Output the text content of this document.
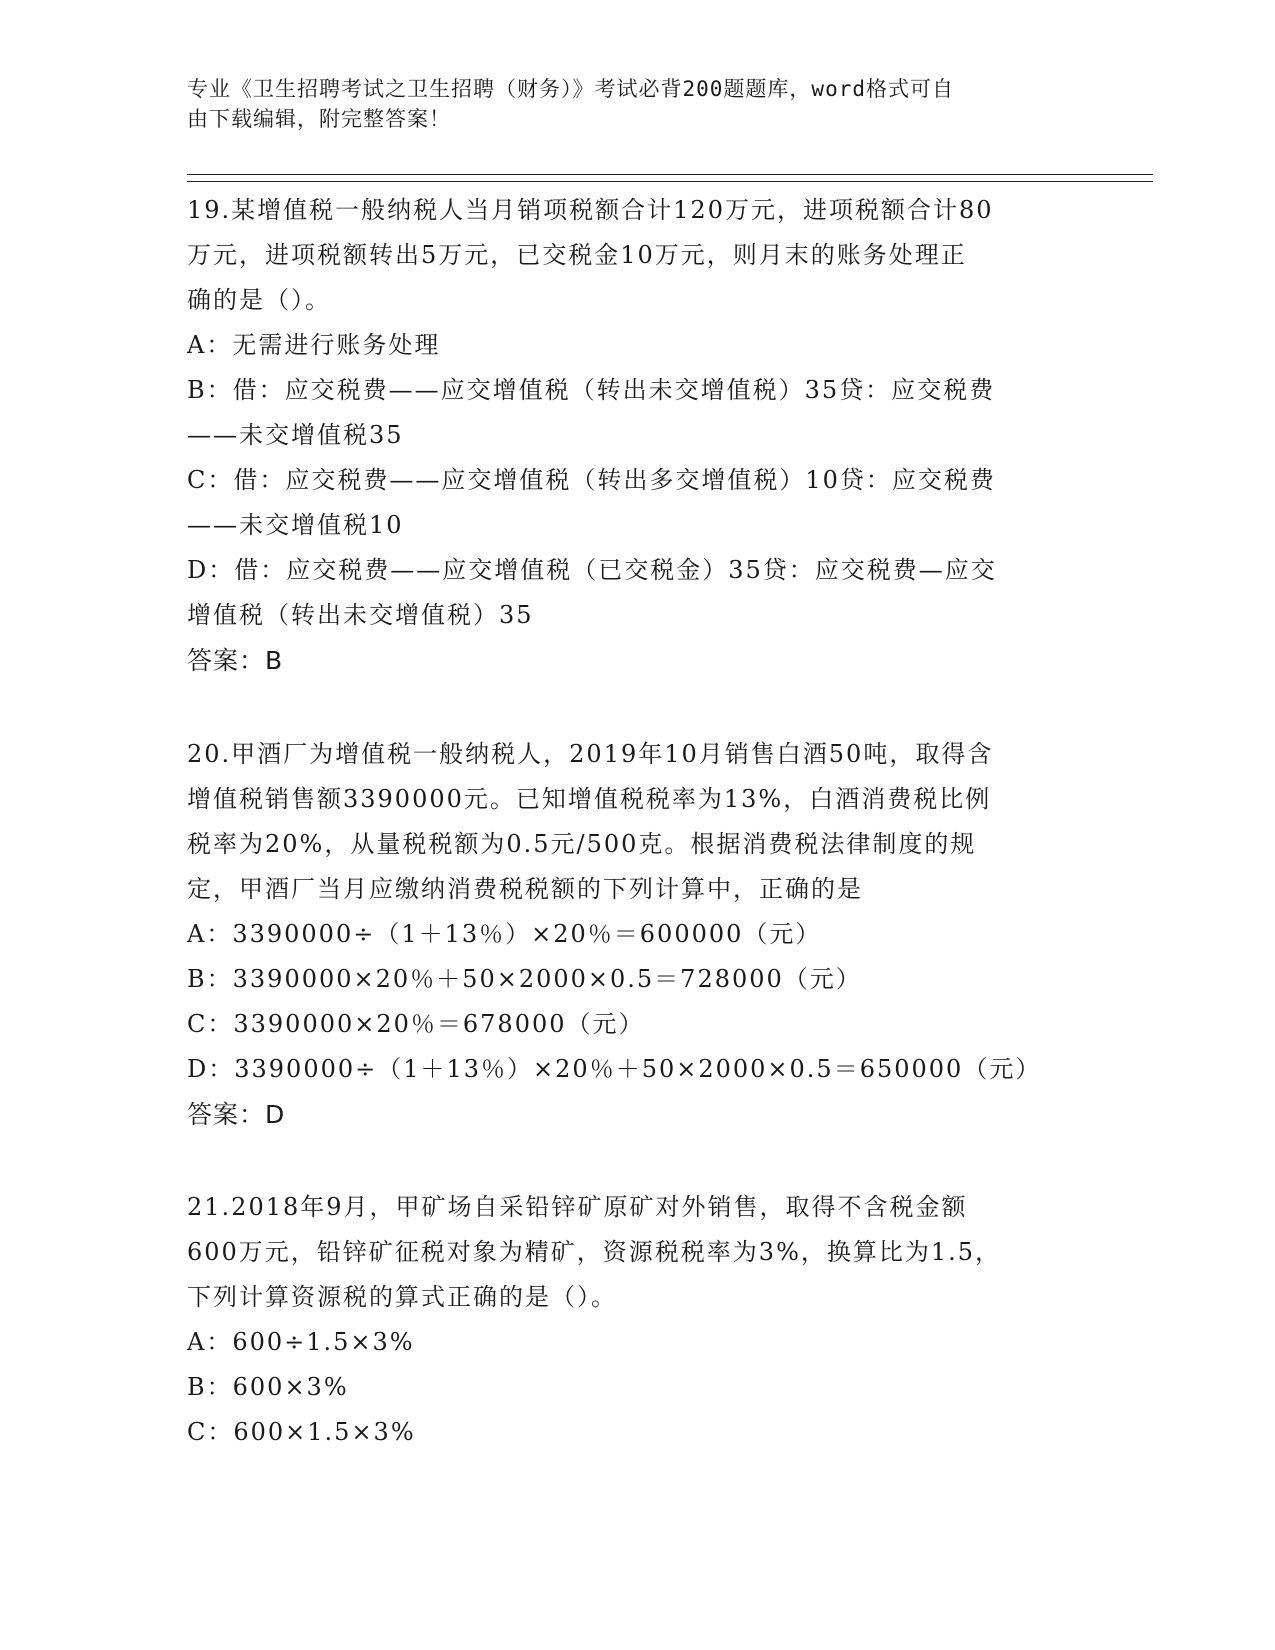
专业《卫生招聘考试之卫生招聘（财务）》考试必背200题题库，word格式可自
由下载编辑，附完整答案！
19.某增值税一般纳税人当月销项税额合计120万元，进项税额合计80
万元，进项税额转出5万元，已交税金10万元，则月末的账务处理正
确的是（）。
A：无需进行账务处理
B：借：应交税费——应交增值税（转出未交增值税）35贷：应交税费
——未交增值税35
C：借：应交税费——应交增值税（转出多交增值税）10贷：应交税费
——未交增值税10
D：借：应交税费——应交增值税（已交税金）35贷：应交税费—应交
增值税（转出未交增值税）35
答案：B
20.甲酒厂为增值税一般纳税人，2019年10月销售白酒50吨，取得含
增值税销售额3390000元。已知增值税税率为13%，白酒消费税比例
税率为20%，从量税税额为0.5元/500克。根据消费税法律制度的规
定，甲酒厂当月应缴纳消费税税额的下列计算中，正确的是
A：3390000÷（1＋13％）×20％＝600000（元）
B：3390000×20％＋50×2000×0.5＝728000（元）
C：3390000×20％＝678000（元）
D：3390000÷（1＋13％）×20％＋50×2000×0.5＝650000（元）
答案：D
21.2018年9月，甲矿场自采铅锌矿原矿对外销售，取得不含税金额
600万元，铅锌矿征税对象为精矿，资源税税率为3%，换算比为1.5，
下列计算资源税的算式正确的是（）。
A：600÷1.5×3%
B：600×3%
C：600×1.5×3%
